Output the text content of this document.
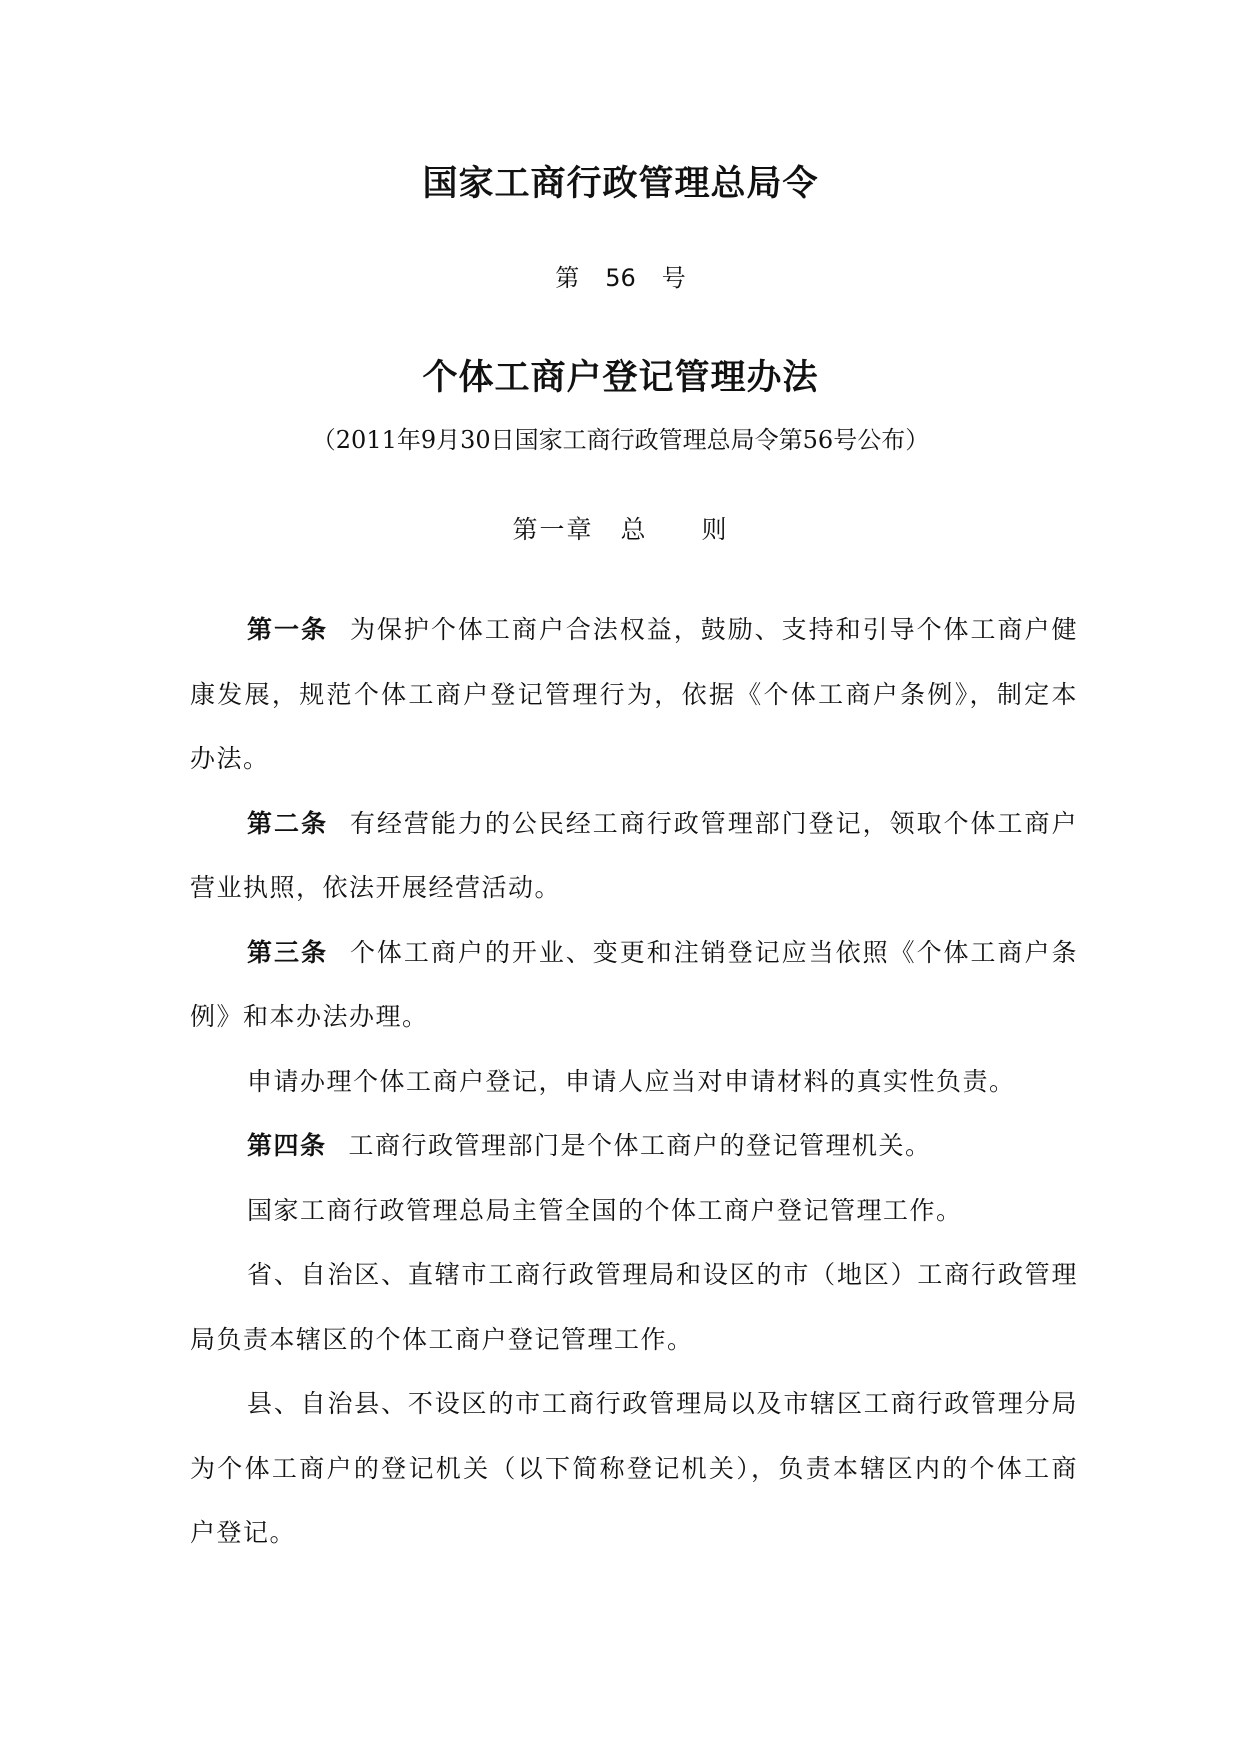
国家工商行政管理总局令
第 56 号
个体工商户登记管理办法
（2011年9月30日国家工商行政管理总局令第56号公布）
第一章　总　　则

第一条 为保护个体工商户合法权益，鼓励、支持和引导个体工商户健康发展，规范个体工商户登记管理行为，依据《个体工商户条例》，制定本办法。

第二条 有经营能力的公民经工商行政管理部门登记，领取个体工商户营业执照，依法开展经营活动。

第三条 个体工商户的开业、变更和注销登记应当依照《个体工商户条例》和本办法办理。

申请办理个体工商户登记，申请人应当对申请材料的真实性负责。

第四条 工商行政管理部门是个体工商户的登记管理机关。

国家工商行政管理总局主管全国的个体工商户登记管理工作。

省、自治区、直辖市工商行政管理局和设区的市（地区）工商行政管理局负责本辖区的个体工商户登记管理工作。

县、自治县、不设区的市工商行政管理局以及市辖区工商行政管理分局为个体工商户的登记机关（以下简称登记机关），负责本辖区内的个体工商户登记。
